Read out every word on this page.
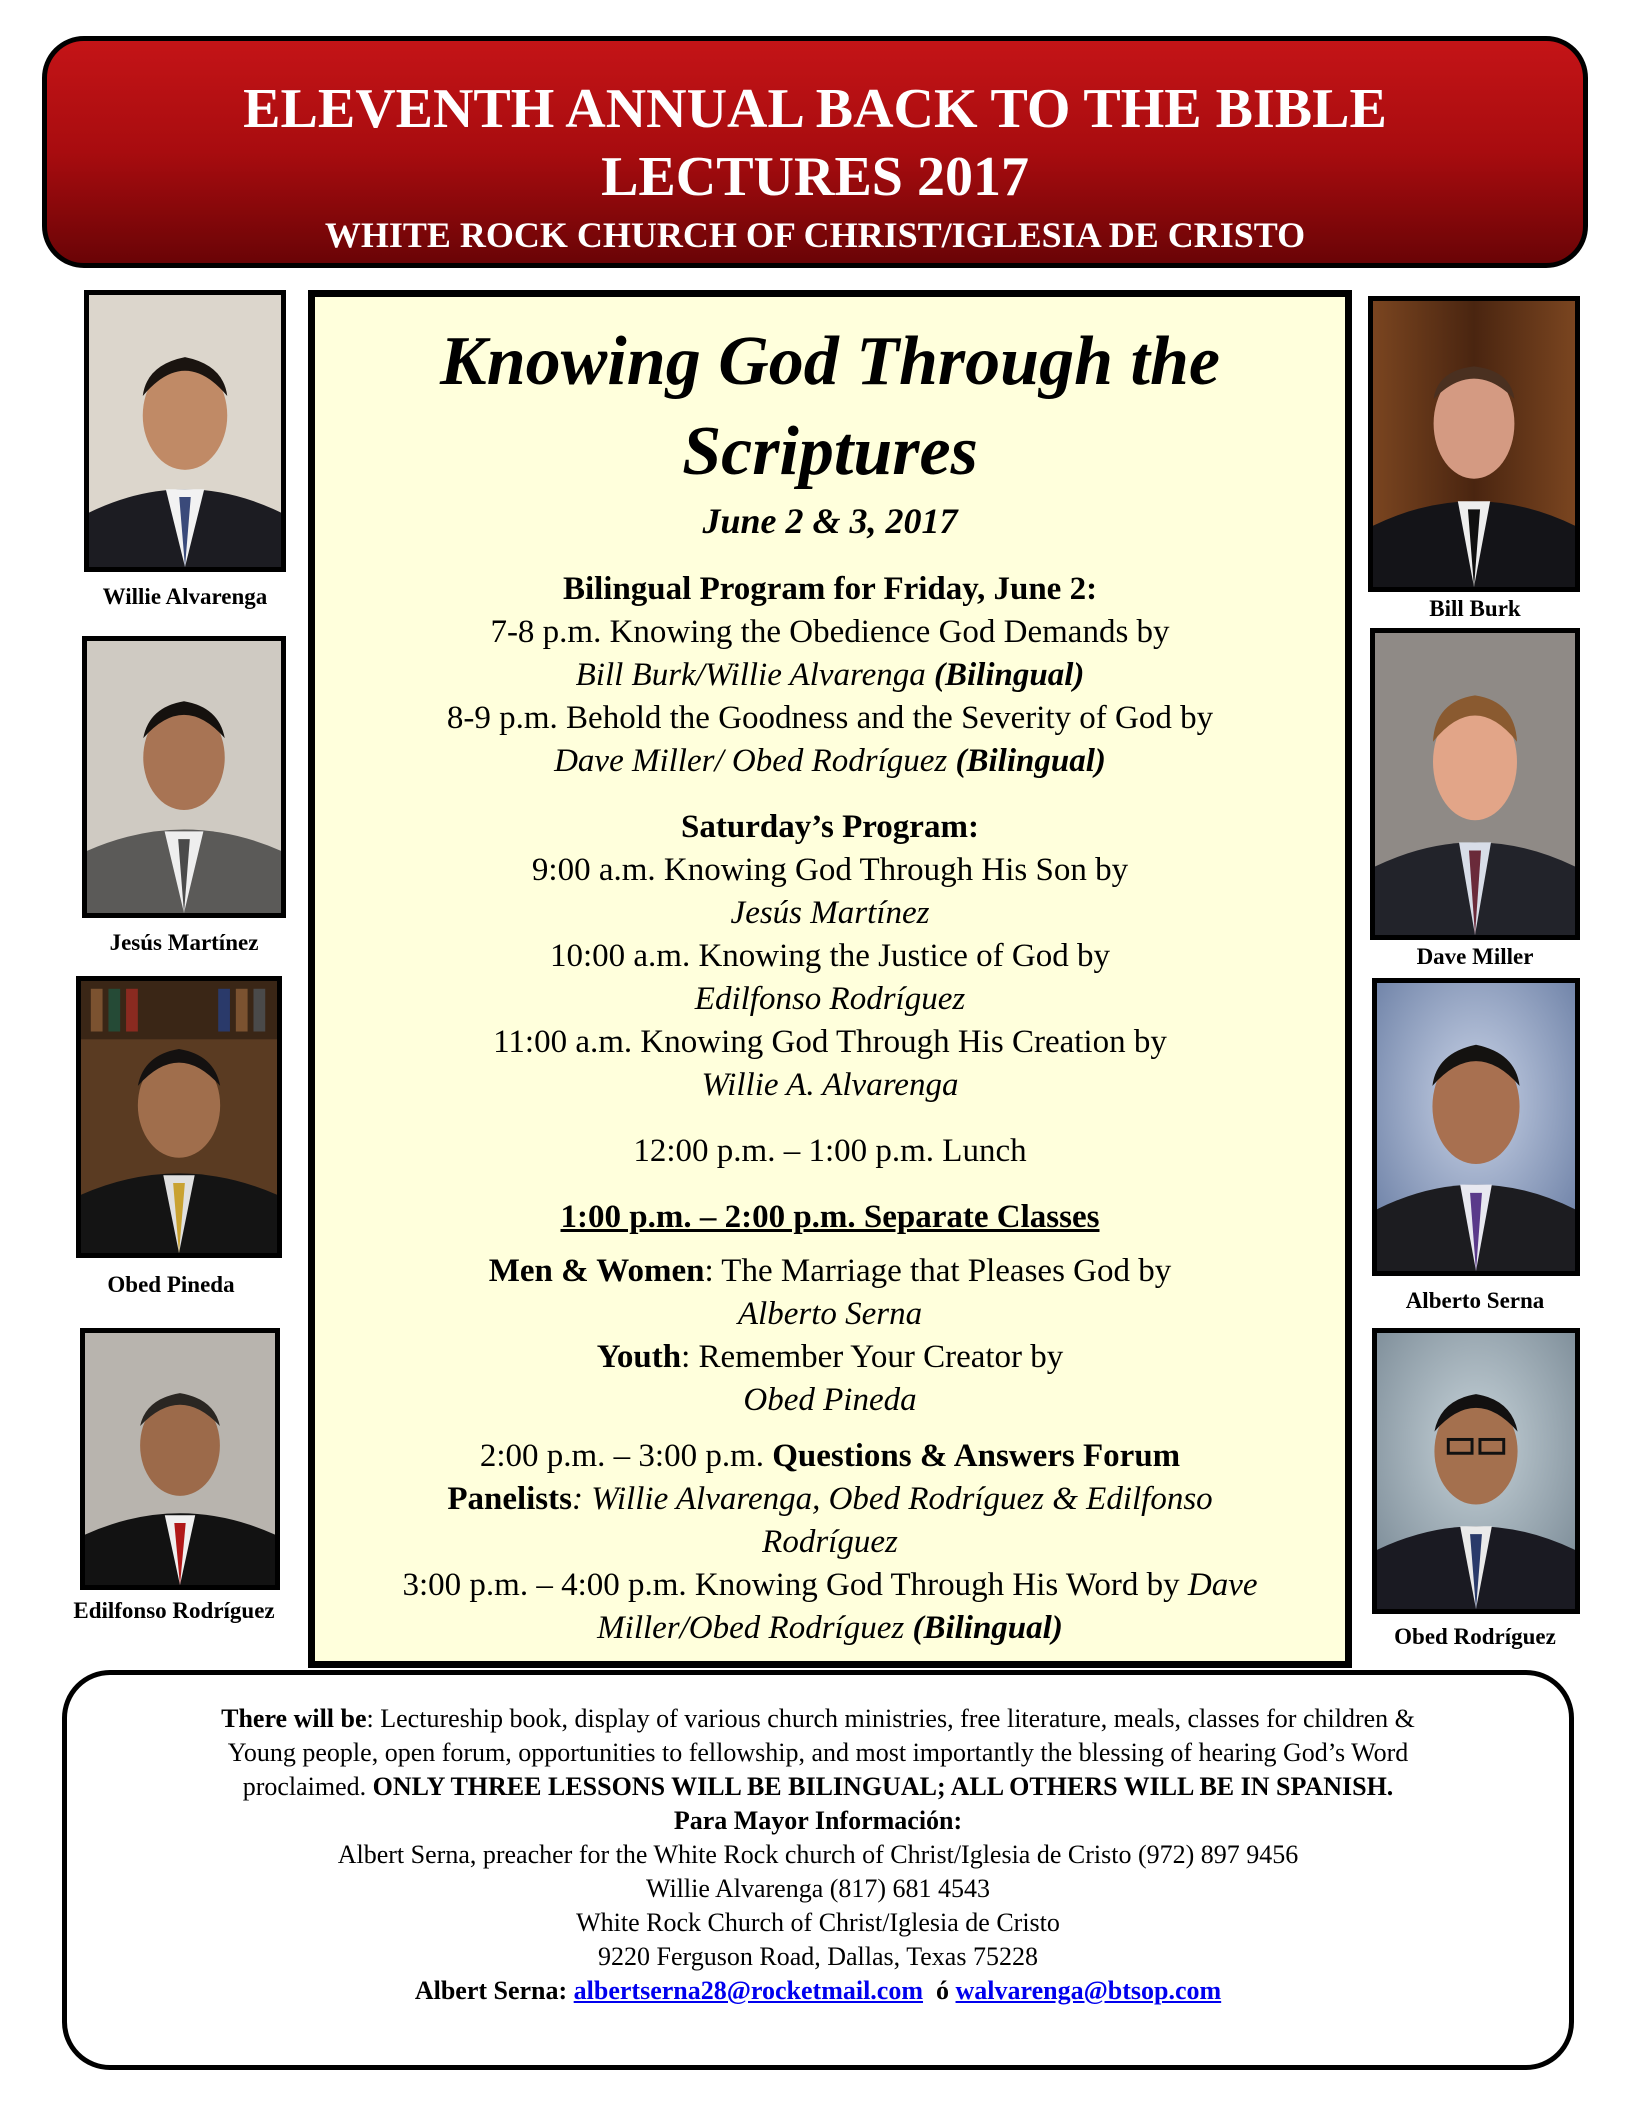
ELEVENTH ANNUAL BACK TO THE BIBLE
LECTURES 2017
WHITE ROCK CHURCH OF CHRIST/IGLESIA DE CRISTO
Willie Alvarenga
Jesús Martínez
Obed Pineda
Edilfonso Rodríguez
Bill Burk
Dave Miller
Alberto Serna
Obed Rodríguez
Knowing God Through the
Scriptures
June 2 & 3, 2017
Bilingual Program for Friday, June 2:
7-8 p.m. Knowing the Obedience God Demands by
Bill Burk/Willie Alvarenga (Bilingual)
8-9 p.m. Behold the Goodness and the Severity of God by
Dave Miller/ Obed Rodríguez (Bilingual)
Saturday’s Program:
9:00 a.m. Knowing God Through His Son by
Jesús Martínez
10:00 a.m. Knowing the Justice of God by
Edilfonso Rodríguez
11:00 a.m. Knowing God Through His Creation by
Willie A. Alvarenga
12:00 p.m. – 1:00 p.m. Lunch
1:00 p.m. – 2:00 p.m. Separate Classes
Men & Women: The Marriage that Pleases God by
Alberto Serna
Youth: Remember Your Creator by
Obed Pineda
2:00 p.m. – 3:00 p.m. Questions & Answers Forum
Panelists: Willie Alvarenga, Obed Rodríguez & Edilfonso
Rodríguez
3:00 p.m. – 4:00 p.m. Knowing God Through His Word by Dave
Miller/Obed Rodríguez (Bilingual)
There will be: Lectureship book, display of various church ministries, free literature, meals, classes for children &
Young people, open forum, opportunities to fellowship, and most importantly the blessing of hearing God’s Word
proclaimed. ONLY THREE LESSONS WILL BE BILINGUAL; ALL OTHERS WILL BE IN SPANISH.
Para Mayor Información:
Albert Serna, preacher for the White Rock church of Christ/Iglesia de Cristo (972) 897 9456
Willie Alvarenga (817) 681 4543
White Rock Church of Christ/Iglesia de Cristo
9220 Ferguson Road, Dallas, Texas 75228
Albert Serna: albertserna28@rocketmail.com ó walvarenga@btsop.com
